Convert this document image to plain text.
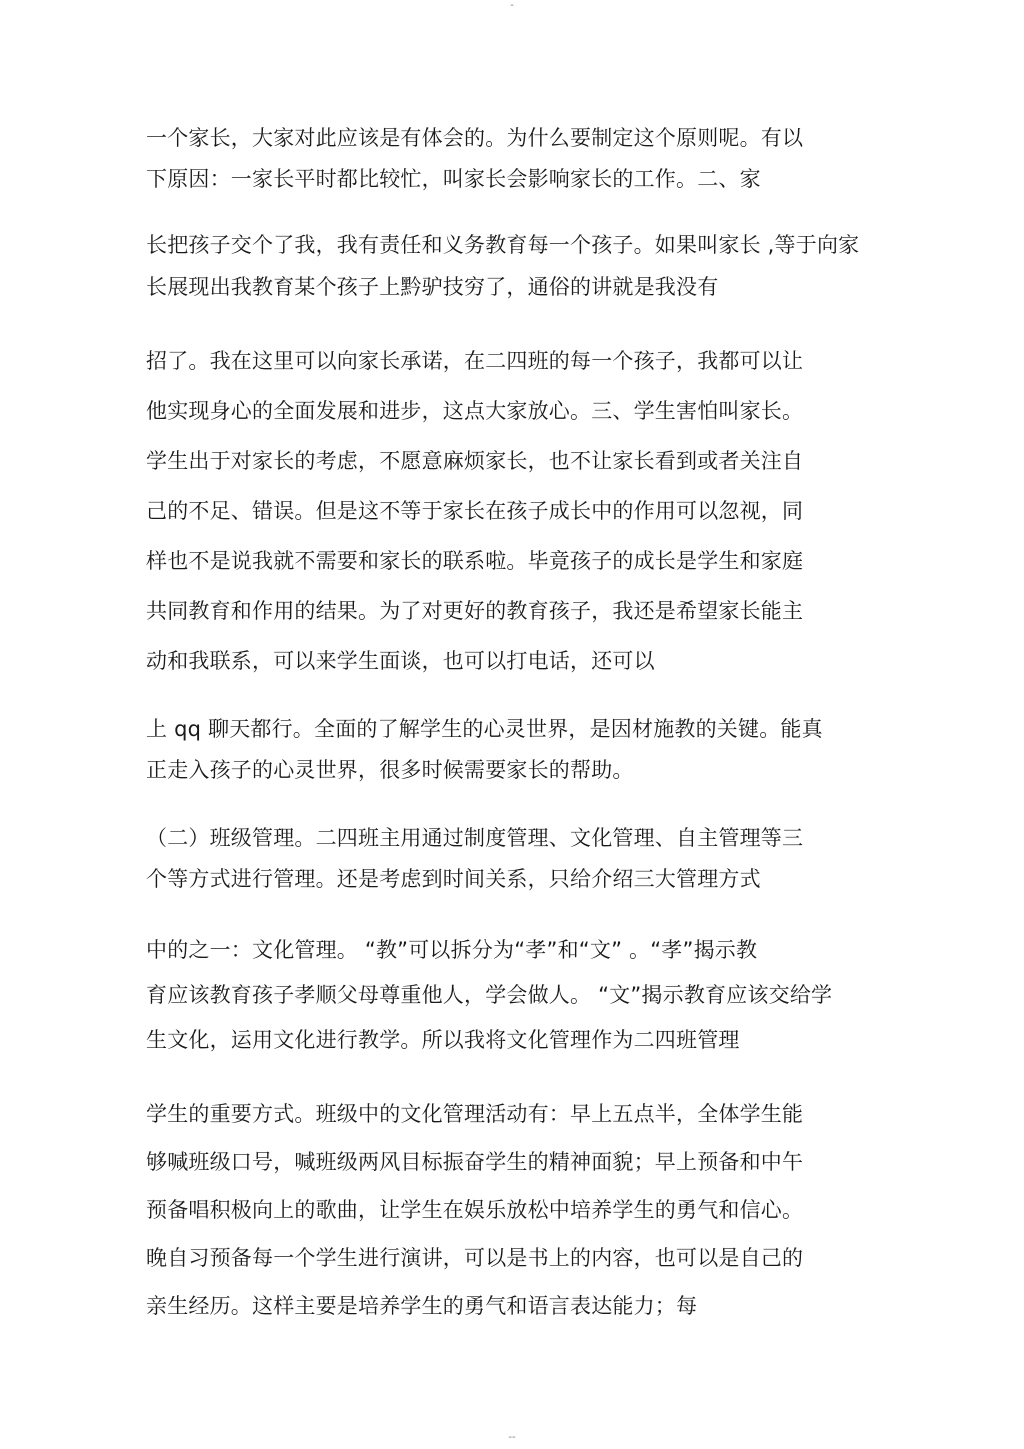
-
一个家长，大家对此应该是有体会的。为什么要制定这个原则呢。有以
下原因：一家长平时都比较忙，叫家长会影响家长的工作。二、家
长把孩子交个了我，我有责任和义务教育每一个孩子。如果叫家长 ,等于向家
长展现出我教育某个孩子上黔驴技穷了，通俗的讲就是我没有
招了。我在这里可以向家长承诺，在二四班的每一个孩子，我都可以让
他实现身心的全面发展和进步，这点大家放心。三、学生害怕叫家长。
学生出于对家长的考虑，不愿意麻烦家长，也不让家长看到或者关注自
己的不足、错误。但是这不等于家长在孩子成长中的作用可以忽视，同
样也不是说我就不需要和家长的联系啦。毕竟孩子的成长是学生和家庭
共同教育和作用的结果。为了对更好的教育孩子，我还是希望家长能主
动和我联系，可以来学生面谈，也可以打电话，还可以
上 qq 聊天都行。全面的了解学生的心灵世界，是因材施教的关键。能真
正走入孩子的心灵世界，很多时候需要家长的帮助。
（二）班级管理。二四班主用通过制度管理、文化管理、自主管理等三
个等方式进行管理。还是考虑到时间关系，只给介绍三大管理方式
中的之一：文化管理。 “教”可以拆分为“孝”和“文” 。“孝”揭示教
育应该教育孩子孝顺父母尊重他人，学会做人。 “文”揭示教育应该交给学
生文化，运用文化进行教学。所以我将文化管理作为二四班管理
学生的重要方式。班级中的文化管理活动有：早上五点半，全体学生能
够喊班级口号，喊班级两风目标振奋学生的精神面貌；早上预备和中午
预备唱积极向上的歌曲，让学生在娱乐放松中培养学生的勇气和信心。
晚自习预备每一个学生进行演讲，可以是书上的内容，也可以是自己的
亲生经历。这样主要是培养学生的勇气和语言表达能力；每
--
